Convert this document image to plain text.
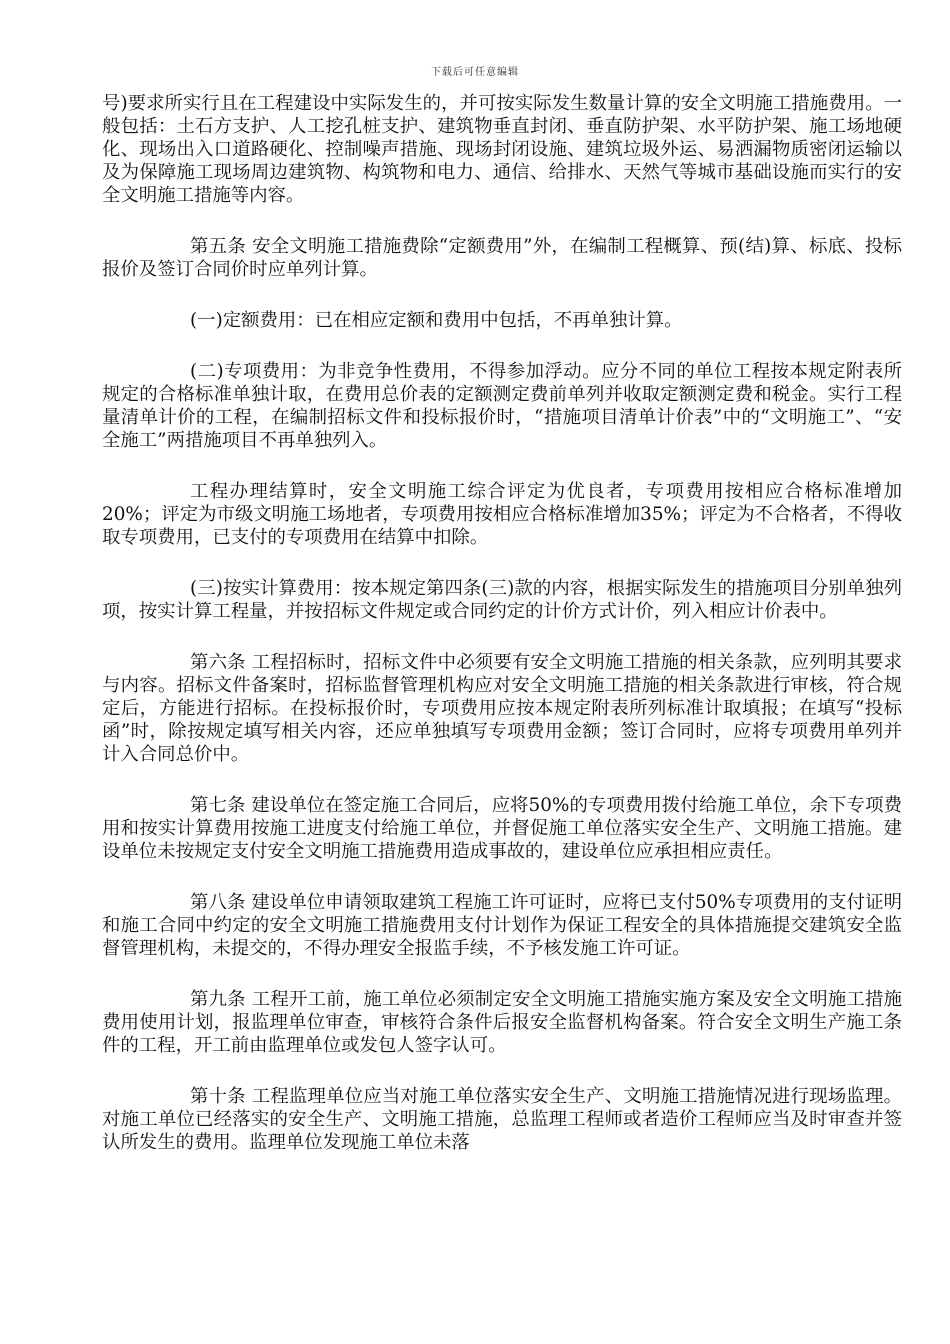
下载后可任意编辑

号)要求所实行且在工程建设中实际发生的，并可按实际发生数量计算的安全文明施工措施费用。一般包括：土石方支护、人工挖孔桩支护、建筑物垂直封闭、垂直防护架、水平防护架、施工场地硬化、现场出入口道路硬化、控制噪声措施、现场封闭设施、建筑垃圾外运、易洒漏物质密闭运输以及为保障施工现场周边建筑物、构筑物和电力、通信、给排水、天然气等城市基础设施而实行的安全文明施工措施等内容。

第五条 安全文明施工措施费除“定额费用”外，在编制工程概算、预(结)算、标底、投标报价及签订合同价时应单列计算。

(一)定额费用：已在相应定额和费用中包括，不再单独计算。

(二)专项费用：为非竞争性费用，不得参加浮动。应分不同的单位工程按本规定附表所规定的合格标准单独计取，在费用总价表的定额测定费前单列并收取定额测定费和税金。实行工程量清单计价的工程，在编制招标文件和投标报价时，“措施项目清单计价表”中的“文明施工”、“安全施工”两措施项目不再单独列入。

工程办理结算时，安全文明施工综合评定为优良者，专项费用按相应合格标准增加20%；评定为市级文明施工场地者，专项费用按相应合格标准增加35%；评定为不合格者，不得收取专项费用，已支付的专项费用在结算中扣除。

(三)按实计算费用：按本规定第四条(三)款的内容，根据实际发生的措施项目分别单独列项，按实计算工程量，并按招标文件规定或合同约定的计价方式计价，列入相应计价表中。

第六条 工程招标时，招标文件中必须要有安全文明施工措施的相关条款，应列明其要求与内容。招标文件备案时，招标监督管理机构应对安全文明施工措施的相关条款进行审核，符合规定后，方能进行招标。在投标报价时，专项费用应按本规定附表所列标准计取填报；在填写“投标函”时，除按规定填写相关内容，还应单独填写专项费用金额；签订合同时，应将专项费用单列并计入合同总价中。

第七条 建设单位在签定施工合同后，应将50%的专项费用拨付给施工单位，余下专项费用和按实计算费用按施工进度支付给施工单位，并督促施工单位落实安全生产、文明施工措施。建设单位未按规定支付安全文明施工措施费用造成事故的，建设单位应承担相应责任。

第八条 建设单位申请领取建筑工程施工许可证时，应将已支付50%专项费用的支付证明和施工合同中约定的安全文明施工措施费用支付计划作为保证工程安全的具体措施提交建筑安全监督管理机构，未提交的，不得办理安全报监手续，不予核发施工许可证。

第九条 工程开工前，施工单位必须制定安全文明施工措施实施方案及安全文明施工措施费用使用计划，报监理单位审查，审核符合条件后报安全监督机构备案。符合安全文明生产施工条件的工程，开工前由监理单位或发包人签字认可。

第十条 工程监理单位应当对施工单位落实安全生产、文明施工措施情况进行现场监理。对施工单位已经落实的安全生产、文明施工措施，总监理工程师或者造价工程师应当及时审查并签认所发生的费用。监理单位发现施工单位未落
